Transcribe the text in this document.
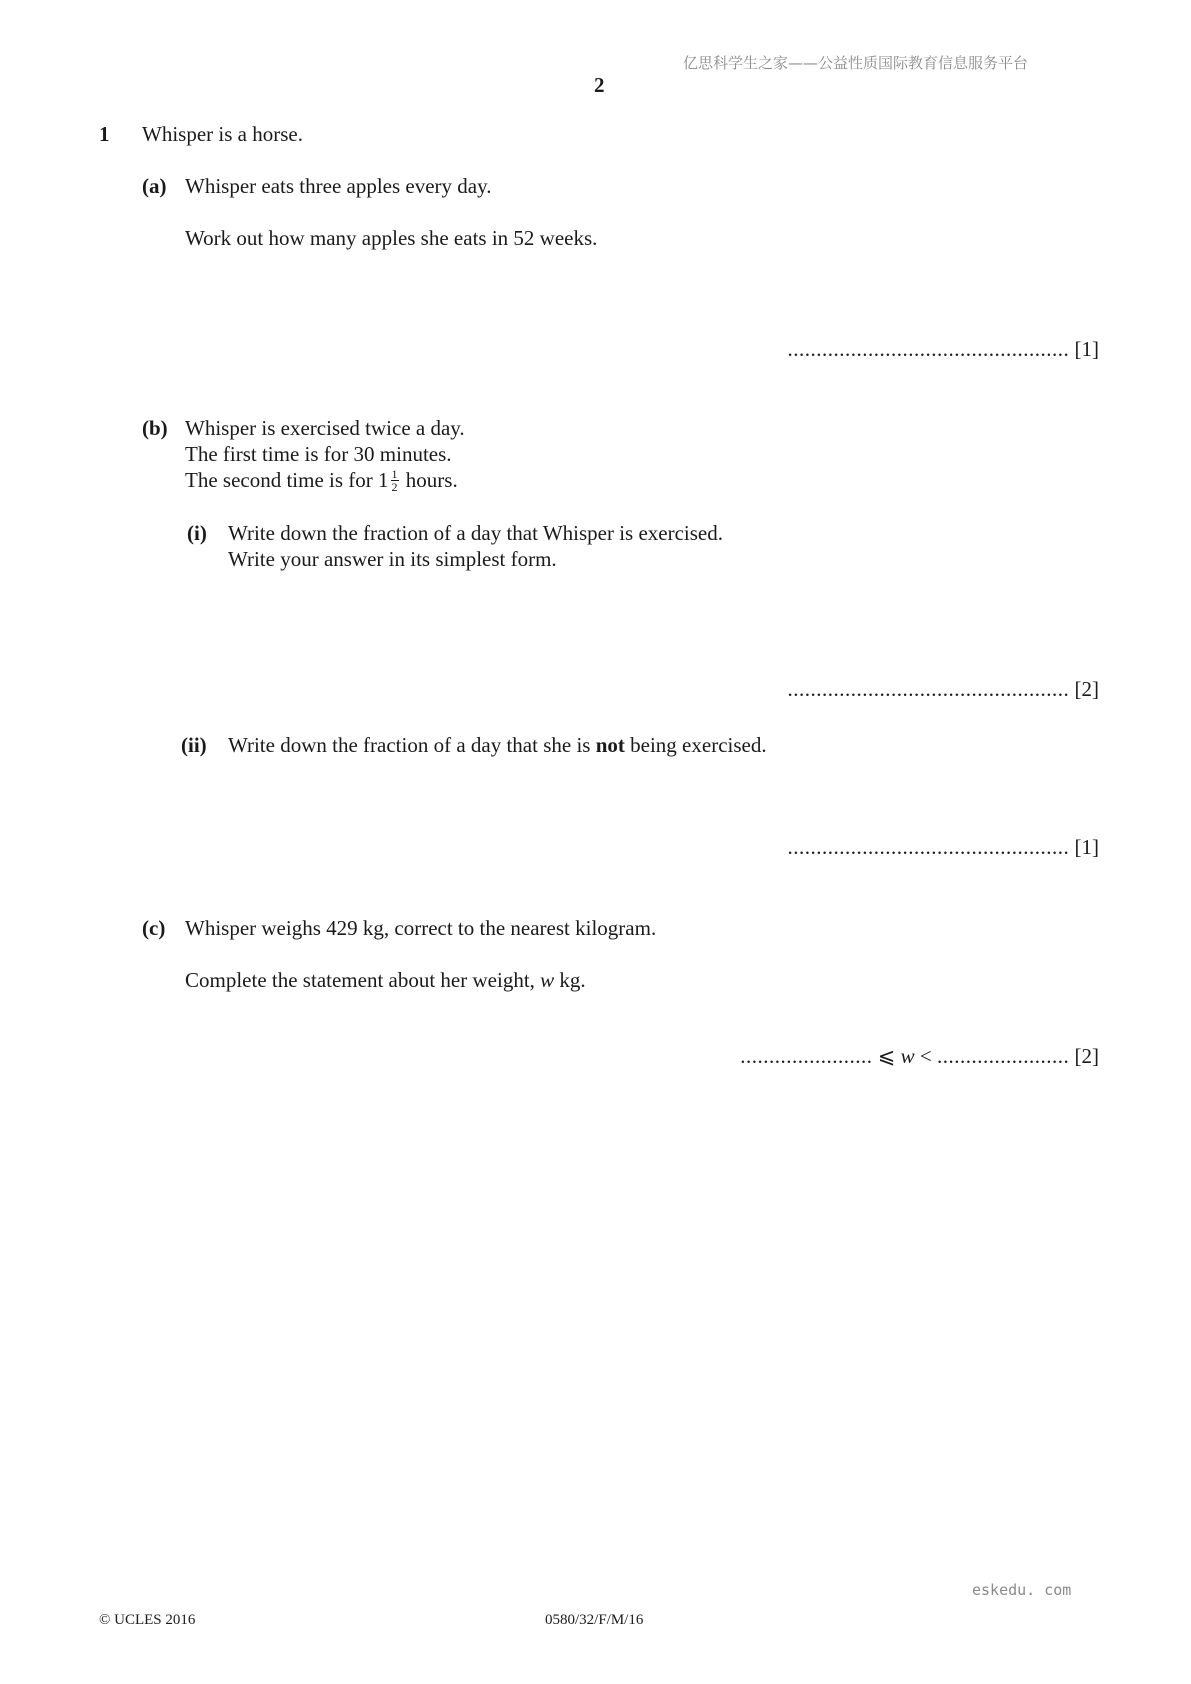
亿思科学生之家——公益性质国际教育信息服务平台
2
1 Whisper is a horse.
(a) Whisper eats three apples every day.
Work out how many apples she eats in 52 weeks.
................................................. [1]
(b) Whisper is exercised twice a day.
The first time is for 30 minutes.
The second time is for $1 \frac{1}{2}$ hours.
(i) Write down the fraction of a day that Whisper is exercised.
Write your answer in its simplest form.
................................................. [2]
(ii) Write down the fraction of a day that she is not being exercised.
................................................. [1]
(c) Whisper weighs 429 kg, correct to the nearest kilogram.
Complete the statement about her weight, w kg.
....................... ⩽ w < ....................... [2]
eskedu. com
© UCLES 2016	0580/32/F/M/16
